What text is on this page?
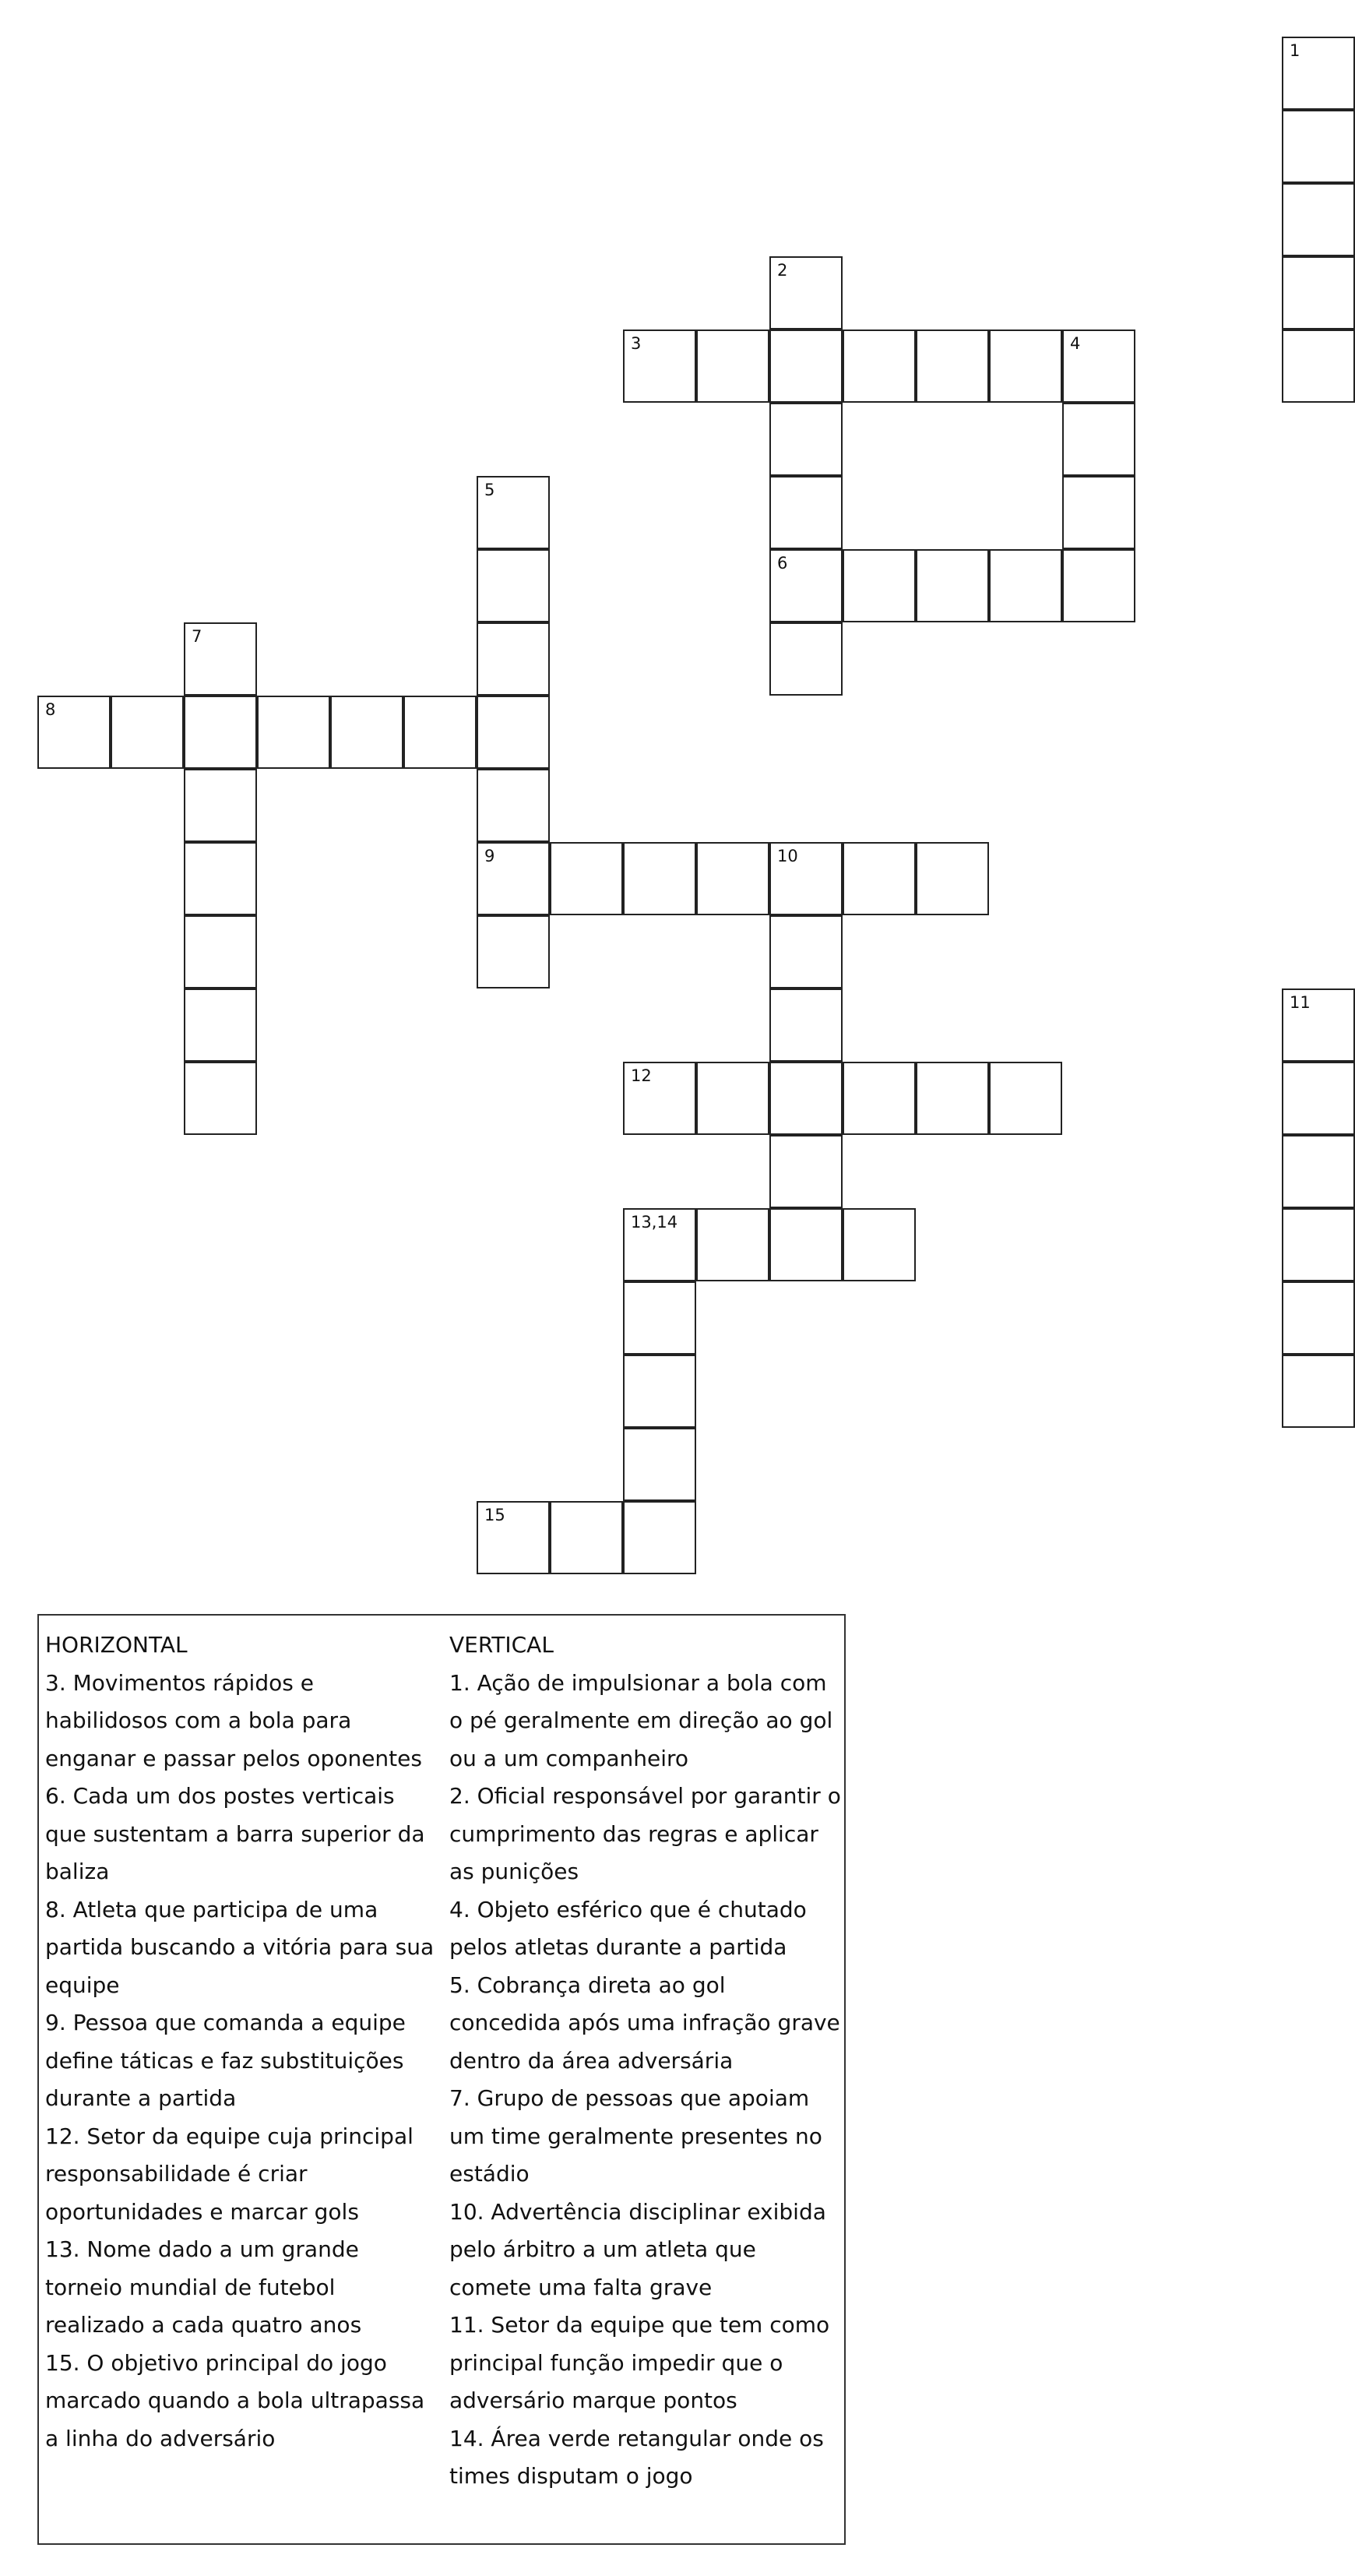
1
2
6
3	4
5
9
7
8
10
11
12
13,14
15
HORIZONTAL
3. Movimentos rápidos e habilidosos com a bola para enganar e passar pelos oponentes
6. Cada um dos postes verticais que sustentam a barra superior da baliza
8. Atleta que participa de uma partida buscando a vitória para sua equipe
9. Pessoa que comanda a equipe define táticas e faz substituições durante a partida
12. Setor da equipe cuja principal responsabilidade é criar oportunidades e marcar gols
13. Nome dado a um grande torneio mundial de futebol realizado a cada quatro anos
15. O objetivo principal do jogo marcado quando a bola ultrapassa a linha do adversário
VERTICAL
1. Ação de impulsionar a bola com o pé geralmente em direção ao gol ou a um companheiro
2. Oficial responsável por garantir o cumprimento das regras e aplicar as punições
4. Objeto esférico que é chutado pelos atletas durante a partida
5. Cobrança direta ao gol concedida após uma infração grave dentro da área adversária
7. Grupo de pessoas que apoiam um time geralmente presentes no estádio
10. Advertência disciplinar exibida pelo árbitro a um atleta que comete uma falta grave
11. Setor da equipe que tem como principal função impedir que o adversário marque pontos
14. Área verde retangular onde os times disputam o jogo
